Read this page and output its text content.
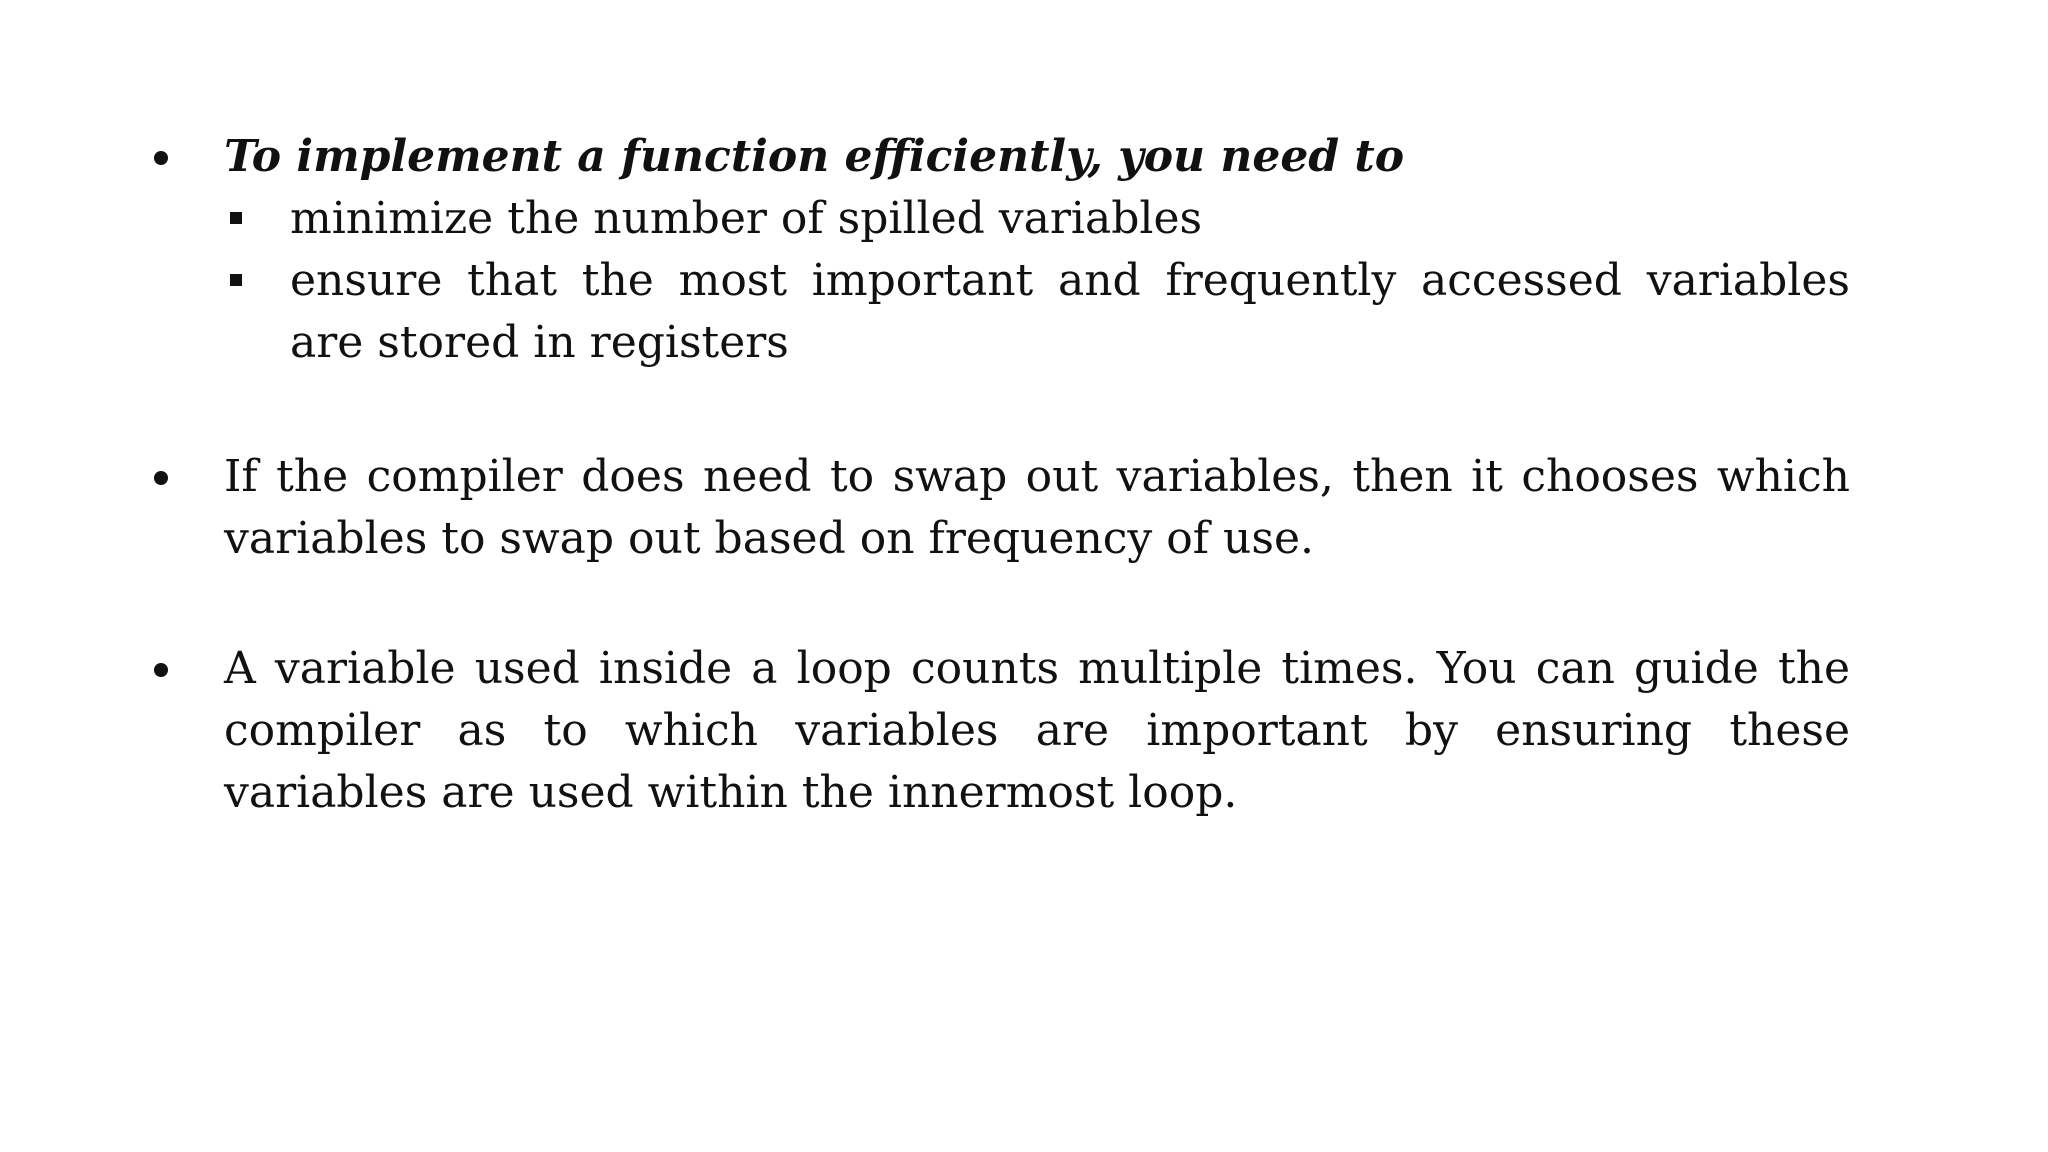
To implement a function efficiently, you need to
minimize the number of spilled variables
ensure that the most important and frequently accessed variables are stored in registers
If the compiler does need to swap out variables, then it chooses which variables to swap out based on frequency of use.
A variable used inside a loop counts multiple times. You can guide the compiler as to which variables are important by ensuring these variables are used within the innermost loop.
